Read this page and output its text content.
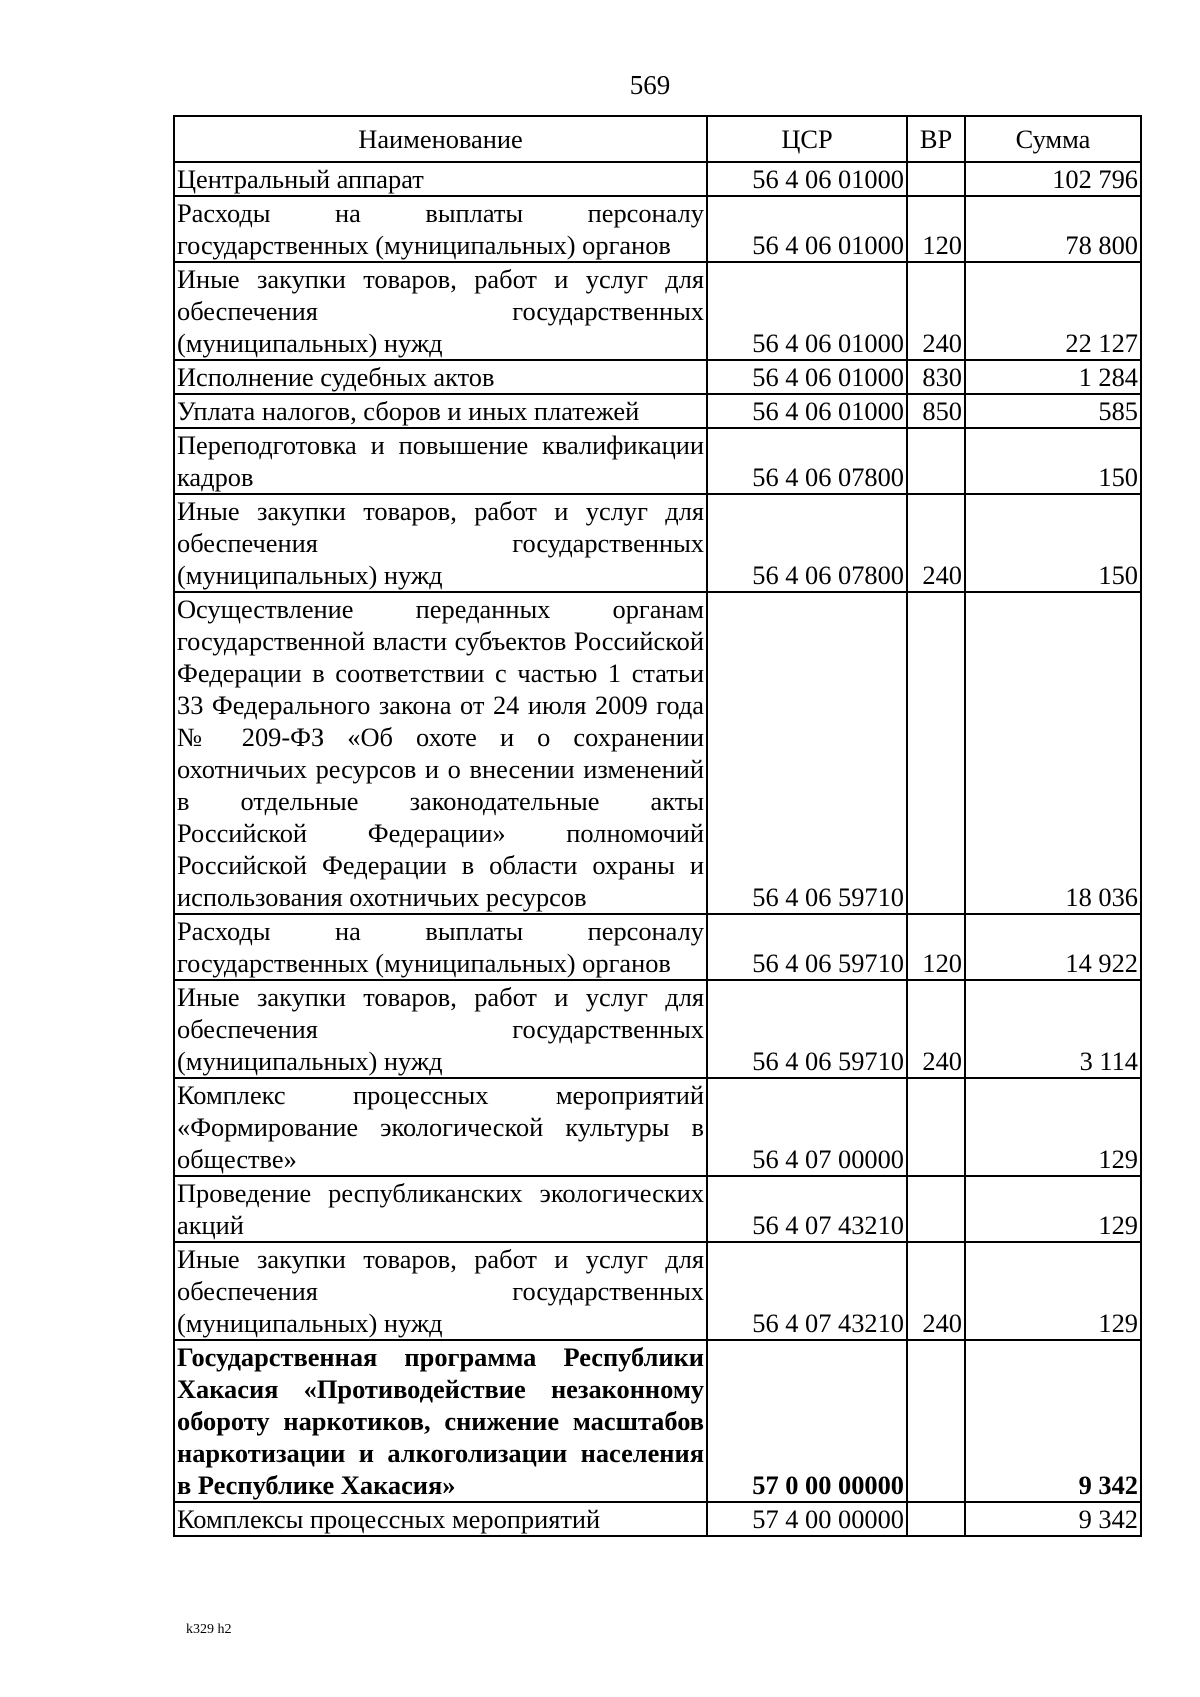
569
Наименование	ЦСР	ВР	Сумма
Центральный аппарат	56 4 06 01000		102 796
Расходы на выплаты персоналу государственных (муниципальных) органов	56 4 06 01000	120	78 800
Иные закупки товаров, работ и услуг для обеспечения государственных (муниципальных) нужд	56 4 06 01000	240	22 127
Исполнение судебных актов	56 4 06 01000	830	1 284
Уплата налогов, сборов и иных платежей	56 4 06 01000	850	585
Переподготовка и повышение квалификации кадров	56 4 06 07800		150
Иные закупки товаров, работ и услуг для обеспечения государственных (муниципальных) нужд	56 4 06 07800	240	150
Осуществление переданных органам государственной власти субъектов Российской Федерации в соответствии с частью 1 статьи 33 Федерального закона от 24 июля 2009 года № 209-ФЗ «Об охоте и о сохранении охотничьих ресурсов и о внесении изменений в отдельные законодательные акты Российской Федерации» полномочий Российской Федерации в области охраны и использования охотничьих ресурсов	56 4 06 59710		18 036
Расходы на выплаты персоналу государственных (муниципальных) органов	56 4 06 59710	120	14 922
Иные закупки товаров, работ и услуг для обеспечения государственных (муниципальных) нужд	56 4 06 59710	240	3 114
Комплекс процессных мероприятий «Формирование экологической культуры в обществе»	56 4 07 00000		129
Проведение республиканских экологических акций	56 4 07 43210		129
Иные закупки товаров, работ и услуг для обеспечения государственных (муниципальных) нужд	56 4 07 43210	240	129
Государственная программа Республики Хакасия «Противодействие незаконному обороту наркотиков, снижение масштабов наркотизации и алкоголизации населения в Республике Хакасия»	57 0 00 00000		9 342
Комплексы процессных мероприятий	57 4 00 00000		9 342
k329 h2
